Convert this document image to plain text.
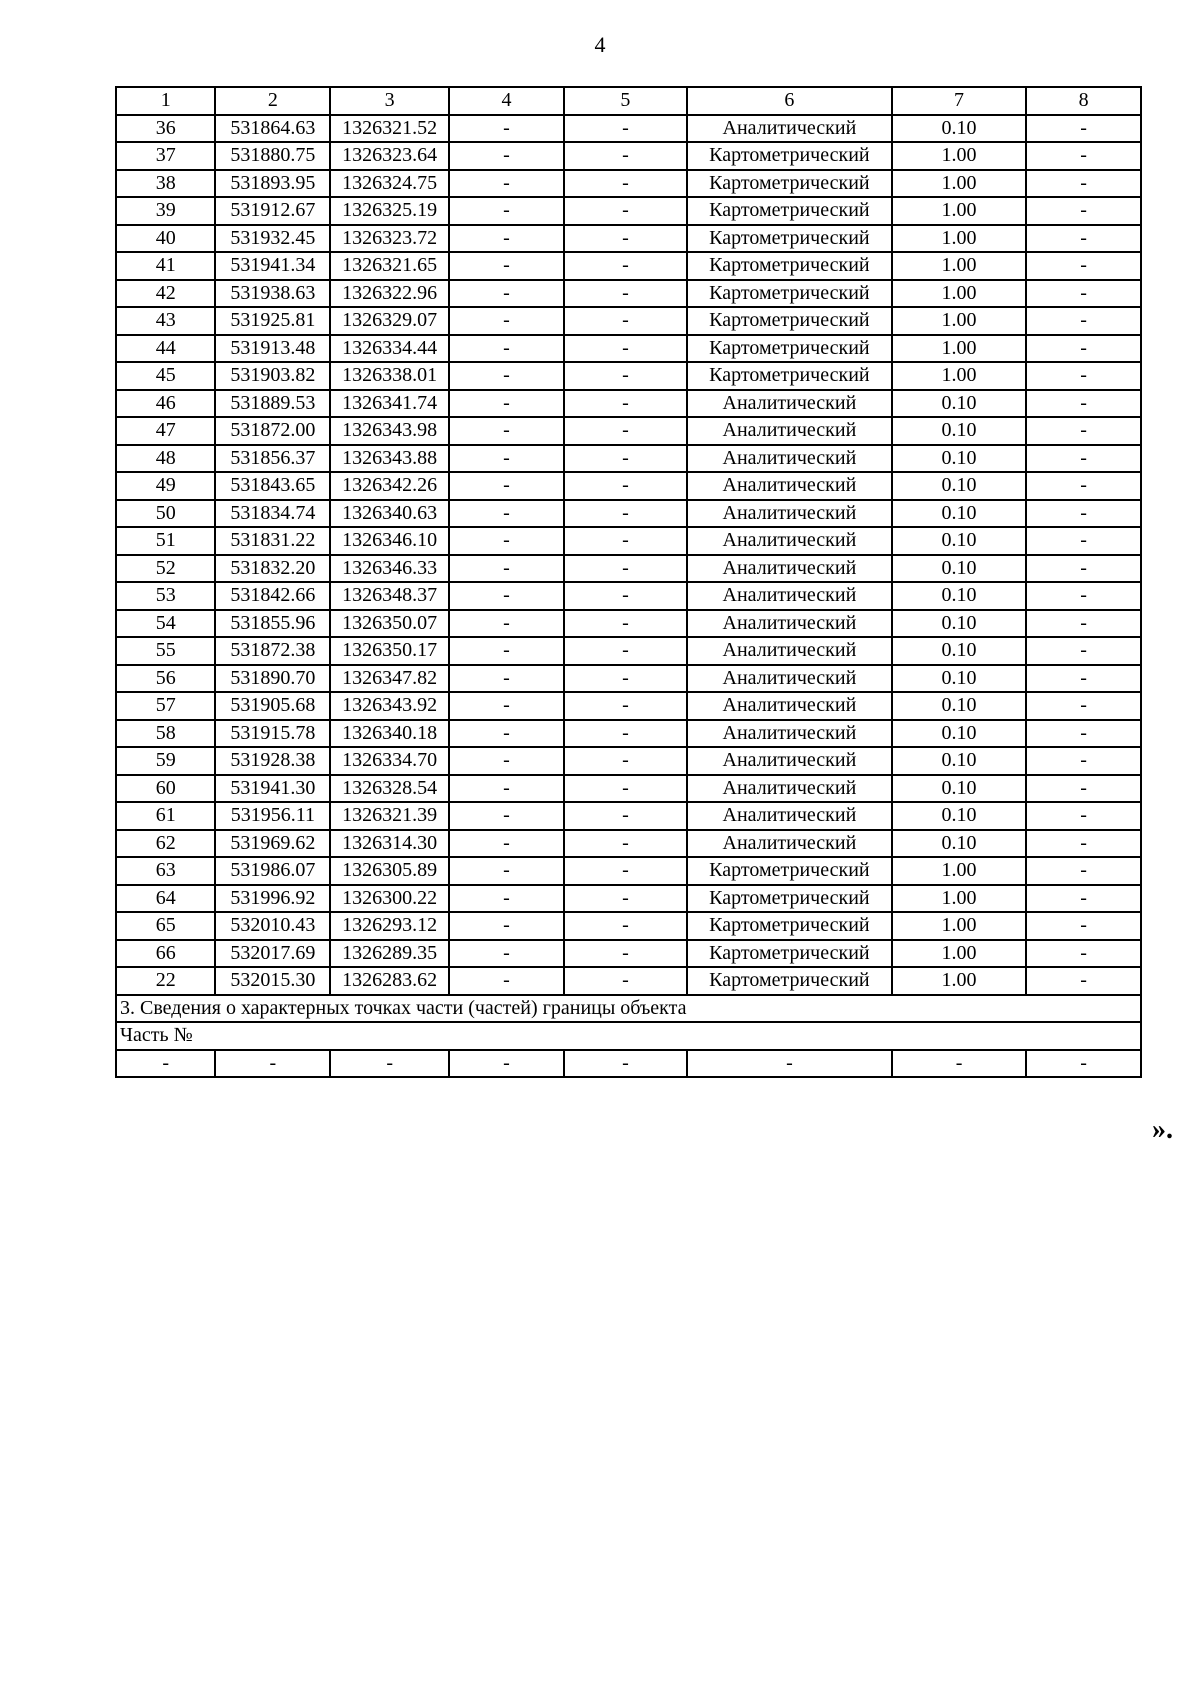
4
1	2	3	4	5	6	7	8
36	531864.63	1326321.52	-	-	Аналитический	0.10	-
37	531880.75	1326323.64	-	-	Картометрический	1.00	-
38	531893.95	1326324.75	-	-	Картометрический	1.00	-
39	531912.67	1326325.19	-	-	Картометрический	1.00	-
40	531932.45	1326323.72	-	-	Картометрический	1.00	-
41	531941.34	1326321.65	-	-	Картометрический	1.00	-
42	531938.63	1326322.96	-	-	Картометрический	1.00	-
43	531925.81	1326329.07	-	-	Картометрический	1.00	-
44	531913.48	1326334.44	-	-	Картометрический	1.00	-
45	531903.82	1326338.01	-	-	Картометрический	1.00	-
46	531889.53	1326341.74	-	-	Аналитический	0.10	-
47	531872.00	1326343.98	-	-	Аналитический	0.10	-
48	531856.37	1326343.88	-	-	Аналитический	0.10	-
49	531843.65	1326342.26	-	-	Аналитический	0.10	-
50	531834.74	1326340.63	-	-	Аналитический	0.10	-
51	531831.22	1326346.10	-	-	Аналитический	0.10	-
52	531832.20	1326346.33	-	-	Аналитический	0.10	-
53	531842.66	1326348.37	-	-	Аналитический	0.10	-
54	531855.96	1326350.07	-	-	Аналитический	0.10	-
55	531872.38	1326350.17	-	-	Аналитический	0.10	-
56	531890.70	1326347.82	-	-	Аналитический	0.10	-
57	531905.68	1326343.92	-	-	Аналитический	0.10	-
58	531915.78	1326340.18	-	-	Аналитический	0.10	-
59	531928.38	1326334.70	-	-	Аналитический	0.10	-
60	531941.30	1326328.54	-	-	Аналитический	0.10	-
61	531956.11	1326321.39	-	-	Аналитический	0.10	-
62	531969.62	1326314.30	-	-	Аналитический	0.10	-
63	531986.07	1326305.89	-	-	Картометрический	1.00	-
64	531996.92	1326300.22	-	-	Картометрический	1.00	-
65	532010.43	1326293.12	-	-	Картометрический	1.00	-
66	532017.69	1326289.35	-	-	Картометрический	1.00	-
22	532015.30	1326283.62	-	-	Картометрический	1.00	-
3. Сведения о характерных точках части (частей) границы объекта							
Часть №							
-	-	-	-	-	-	-	-
».
